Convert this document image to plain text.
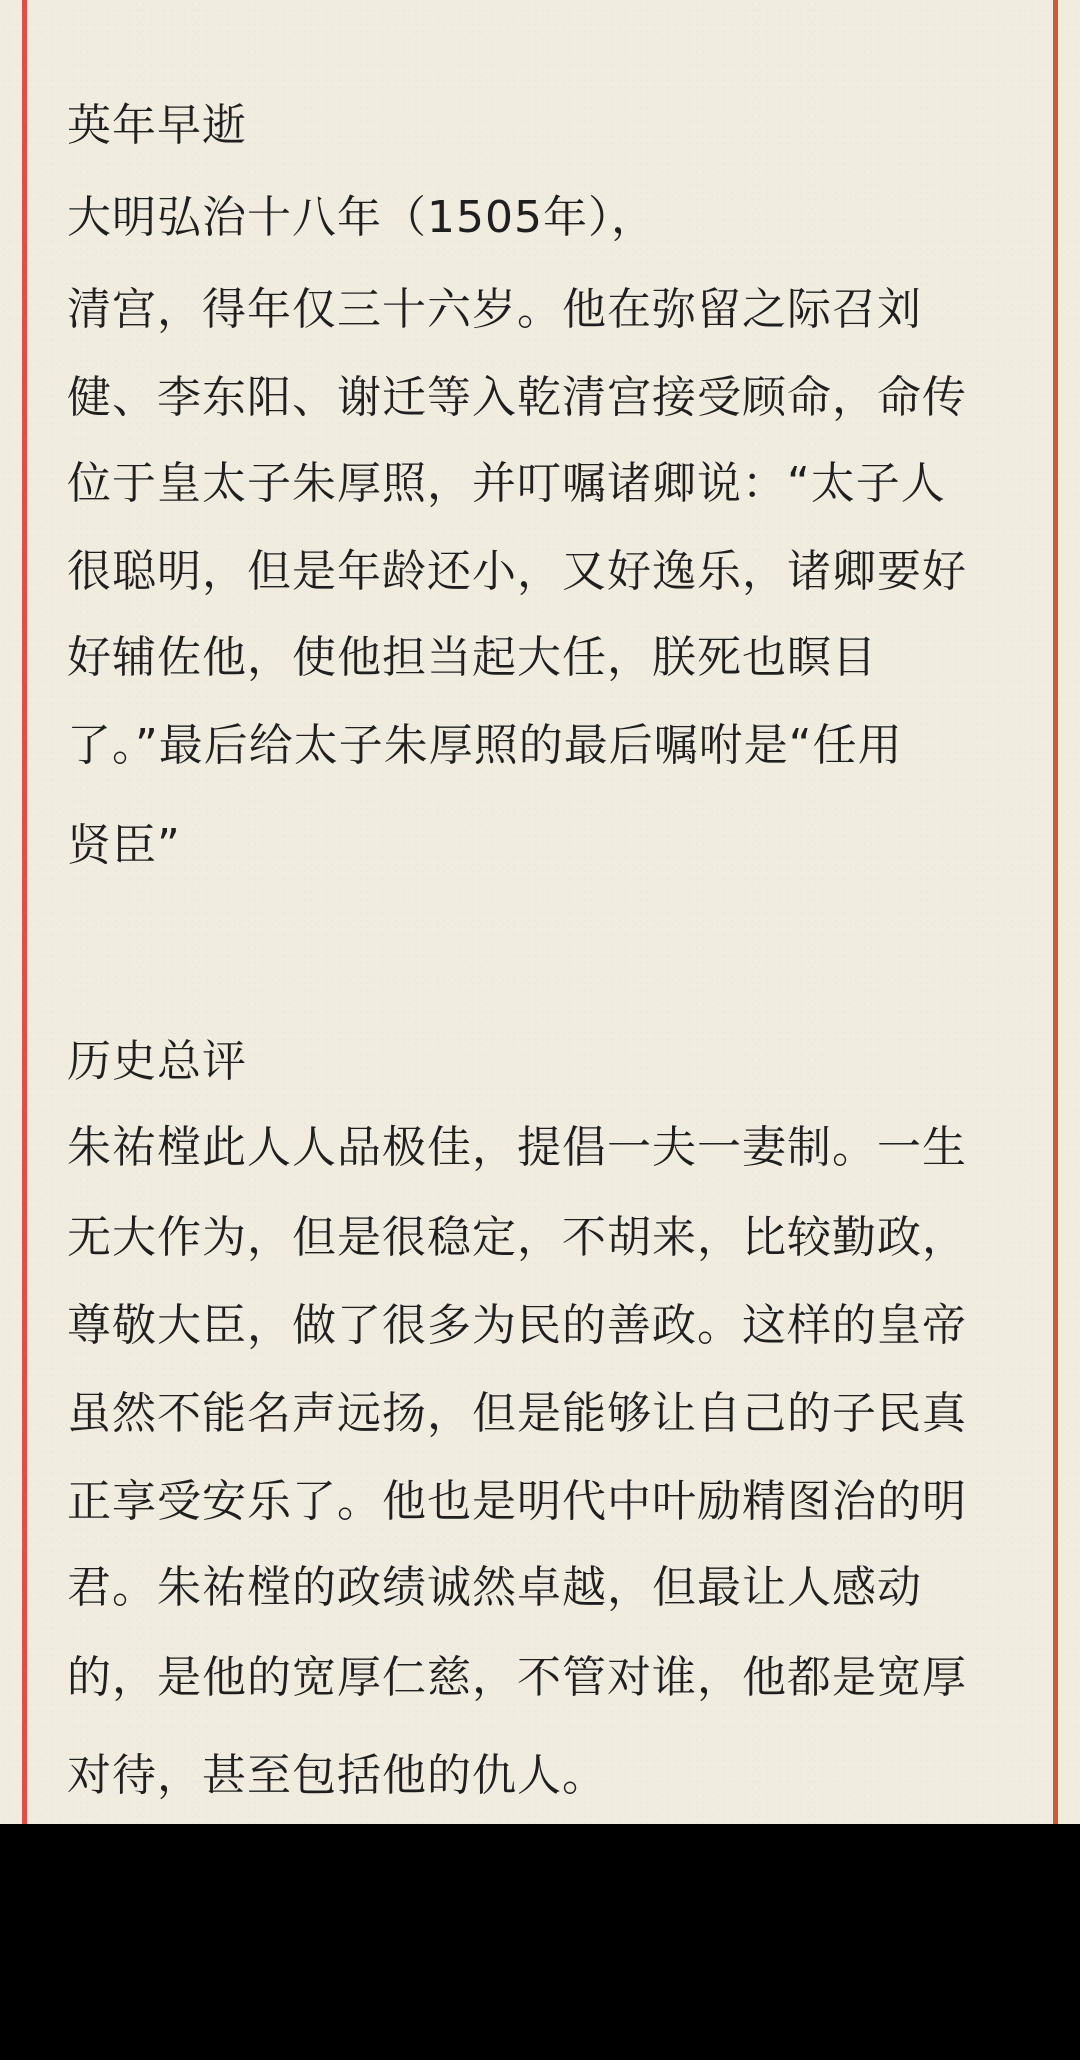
英年早逝
大明弘治十八年（1505年），
清宫，得年仅三十六岁。他在弥留之际召刘
健、李东阳、谢迁等入乾清宫接受顾命，命传
位于皇太子朱厚照，并叮嘱诸卿说：“太子人
很聪明，但是年龄还小，又好逸乐，诸卿要好
好辅佐他，使他担当起大任，朕死也瞑目
了。”最后给太子朱厚照的最后嘱咐是“任用
贤臣”
历史总评
朱祐樘此人人品极佳，提倡一夫一妻制。一生
无大作为，但是很稳定，不胡来，比较勤政，
尊敬大臣，做了很多为民的善政。这样的皇帝
虽然不能名声远扬，但是能够让自己的子民真
正享受安乐了。他也是明代中叶励精图治的明
君。朱祐樘的政绩诚然卓越，但最让人感动
的，是他的宽厚仁慈，不管对谁，他都是宽厚
对待，甚至包括他的仇人。
